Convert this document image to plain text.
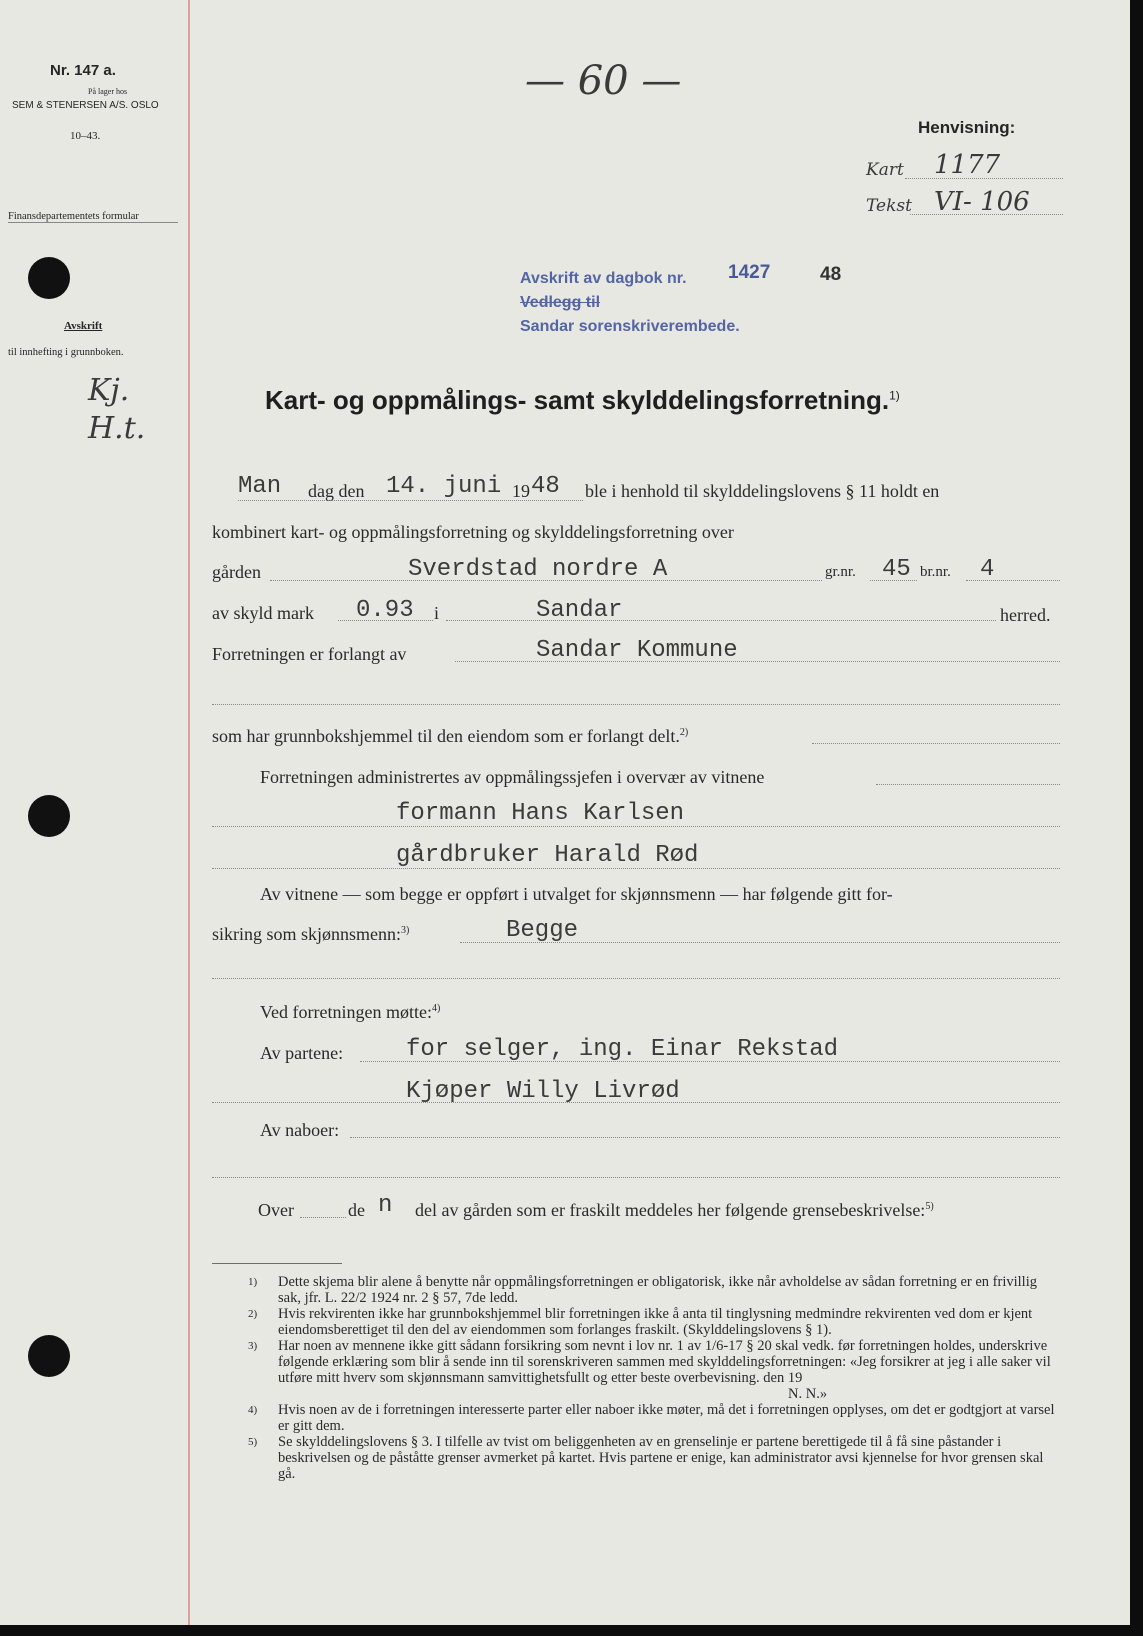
Nr. 147 a.
På lager hos
SEM & STENERSEN A/S. OSLO
10–43.
Finansdepartementets formular
Avskrift
til innhefting i grunnboken.
Kj. H.t.
— 60 —
Henvisning:
Kart 1177
Tekst VI- 106
Avskrift av dagbok nr.
Vedlegg til
Sandar sorenskriverembede.
1427	48
Kart- og oppmålings- samt skylddelingsforretning.$^{1)}$
Man dag den 14. juni 19 48 ble i henhold til skylddelingslovens § 11 holdt en
kombinert kart- og oppmålingsforretning og skylddelingsforretning over
gården	Sverdstad nordre A	gr.nr. 45 br.nr. 4
av skyld mark 0.93 i	Sandar	herred.
Forretningen er forlangt av	Sandar Kommune
som har grunnbokshjemmel til den eiendom som er forlangt delt.$^{2)}$
Forretningen administrertes av oppmålingssjefen i overvær av vitnene
formann Hans Karlsen
gårdbruker Harald Rød
Av vitnene — som begge er oppført i utvalget for skjønnsmenn — har følgende gitt for-
sikring som skjønnsmenn:$^{3)}$	Begge
Ved forretningen møtte:$^{4)}$
Av partene:	for selger, ing. Einar Rekstad
Kjøper Willy Livrød
Av naboer:
Over	de n del av gården som er fraskilt meddeles her følgende grensebeskrivelse:$^{5)}$
1)	Dette skjema blir alene å benytte når oppmålingsforretningen er obligatorisk, ikke når avholdelse av sådan forretning er en frivillig sak, jfr. L. 22/2 1924 nr. 2 § 57, 7de ledd.
2)	Hvis rekvirenten ikke har grunnbokshjemmel blir forretningen ikke å anta til tinglysning medmindre rekvirenten ved dom er kjent eiendomsberettiget til den del av eiendommen som forlanges fraskilt. (Skylddelingslovens § 1).
3)	Har noen av mennene ikke gitt sådann forsikring som nevnt i lov nr. 1 av 1/6-17 § 20 skal vedk. før forretningen holdes, underskrive følgende erklæring som blir å sende inn til sorenskriveren sammen med skylddelingsforretningen: «Jeg forsikrer at jeg i alle saker vil utføre mitt hverv som skjønnsmann samvittighetsfullt og etter beste overbevisning. den 19
N. N.»
4)	Hvis noen av de i forretningen interesserte parter eller naboer ikke møter, må det i forretningen opplyses, om det er godtgjort at varsel er gitt dem.
5)	Se skylddelingslovens § 3. I tilfelle av tvist om beliggenheten av en grenselinje er partene berettigede til å få sine påstander i beskrivelsen og de påståtte grenser avmerket på kartet. Hvis partene er enige, kan administrator avsi kjennelse for hvor grensen skal gå.
